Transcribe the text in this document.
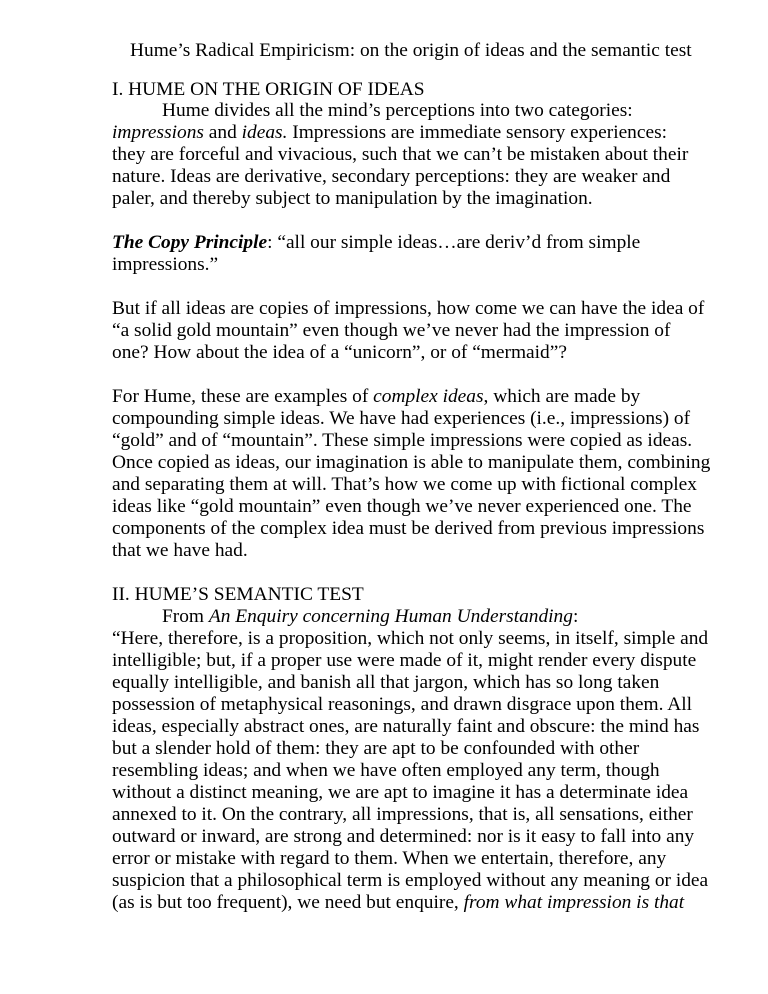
Hume’s Radical Empiricism: on the origin of ideas and the semantic test

I. HUME ON THE ORIGIN OF IDEAS

Hume divides all the mind’s perceptions into two categories:

impressions and ideas. Impressions are immediate sensory experiences:

they are forceful and vivacious, such that we can’t be mistaken about their

nature. Ideas are derivative, secondary perceptions: they are weaker and

paler, and thereby subject to manipulation by the imagination.

The Copy Principle: “all our simple ideas…are deriv’d from simple

impressions.”

But if all ideas are copies of impressions, how come we can have the idea of

“a solid gold mountain” even though we’ve never had the impression of

one? How about the idea of a “unicorn”, or of “mermaid”?

For Hume, these are examples of complex ideas, which are made by

compounding simple ideas. We have had experiences (i.e., impressions) of

“gold” and of “mountain”. These simple impressions were copied as ideas.

Once copied as ideas, our imagination is able to manipulate them, combining

and separating them at will. That’s how we come up with fictional complex

ideas like “gold mountain” even though we’ve never experienced one. The

components of the complex idea must be derived from previous impressions

that we have had.

II. HUME’S SEMANTIC TEST

From An Enquiry concerning Human Understanding:

“Here, therefore, is a proposition, which not only seems, in itself, simple and

intelligible; but, if a proper use were made of it, might render every dispute

equally intelligible, and banish all that jargon, which has so long taken

possession of metaphysical reasonings, and drawn disgrace upon them. All

ideas, especially abstract ones, are naturally faint and obscure: the mind has

but a slender hold of them: they are apt to be confounded with other

resembling ideas; and when we have often employed any term, though

without a distinct meaning, we are apt to imagine it has a determinate idea

annexed to it. On the contrary, all impressions, that is, all sensations, either

outward or inward, are strong and determined: nor is it easy to fall into any

error or mistake with regard to them. When we entertain, therefore, any

suspicion that a philosophical term is employed without any meaning or idea

(as is but too frequent), we need but enquire, from what impression is that
